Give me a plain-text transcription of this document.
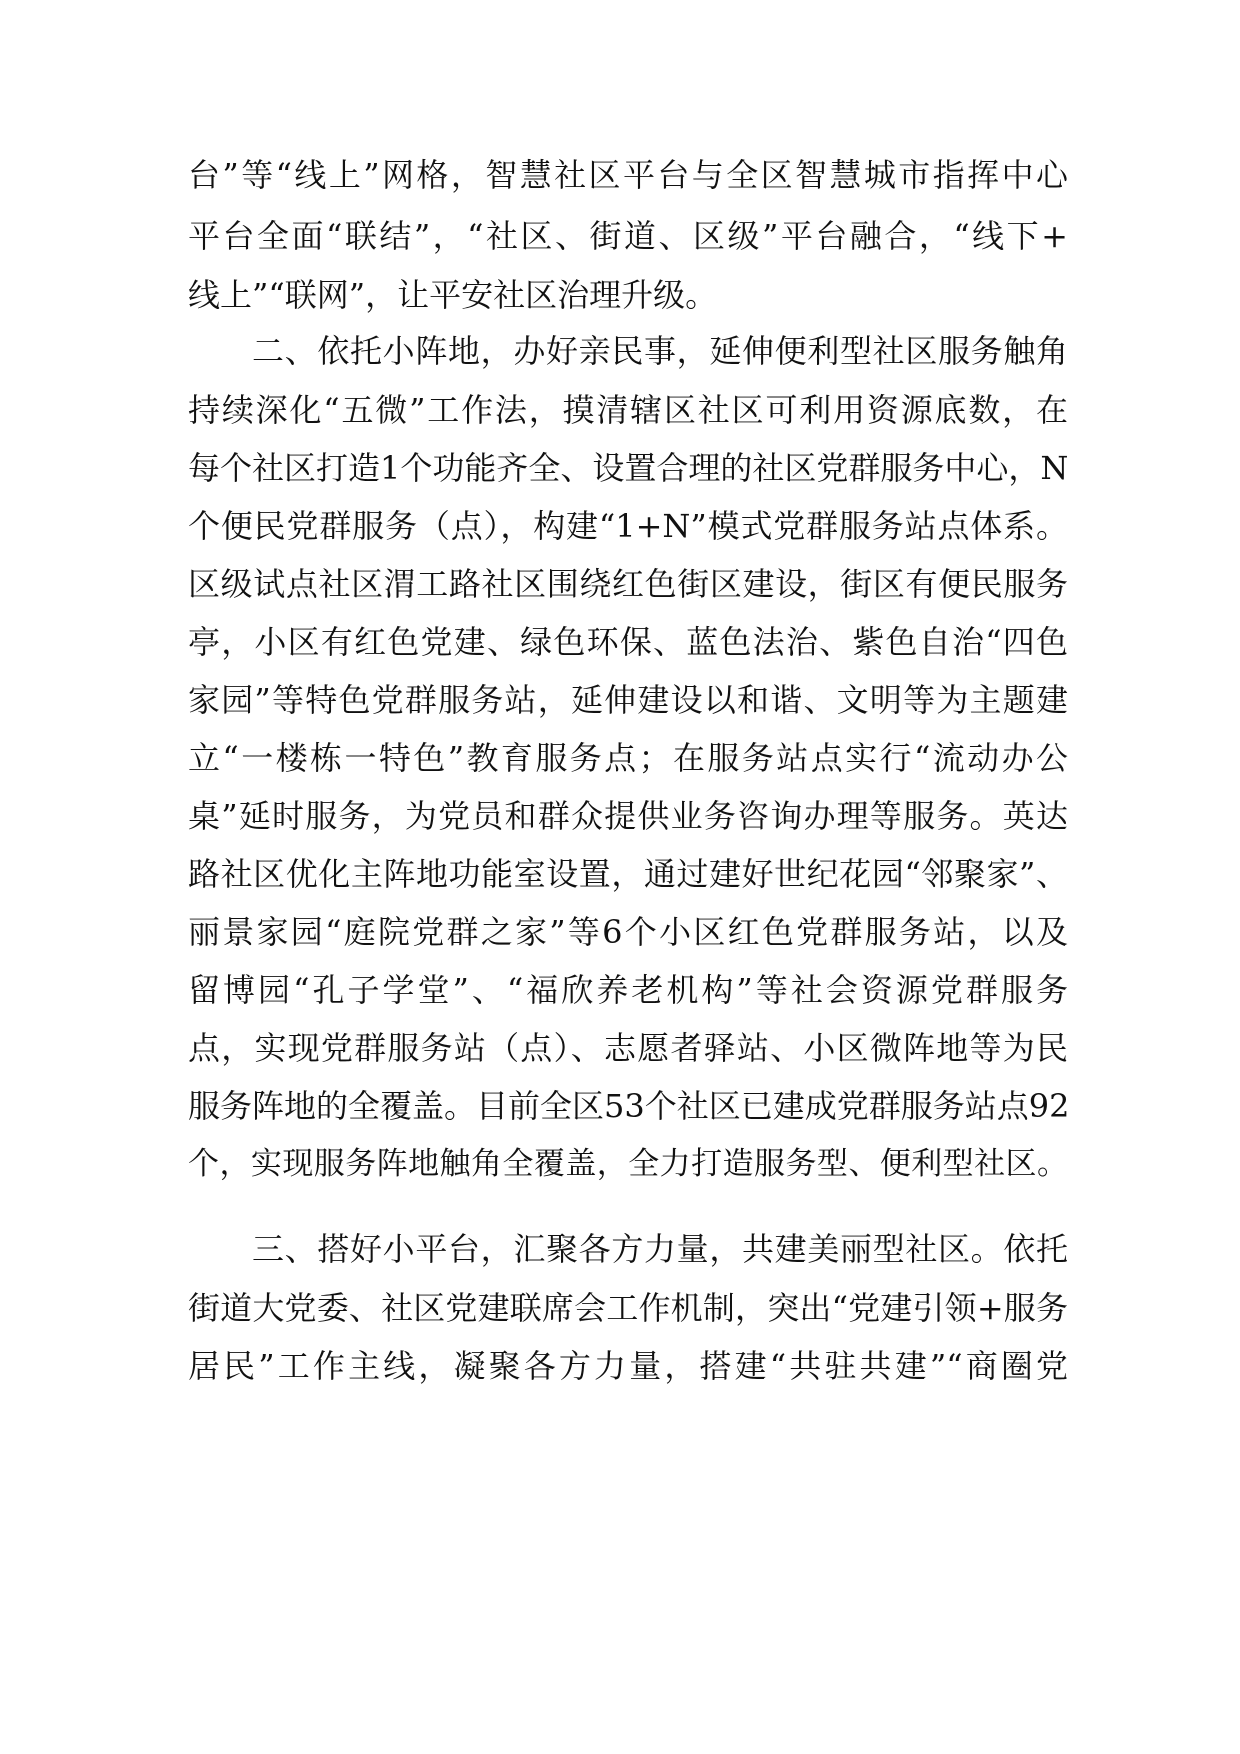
台”等“线上”网格，智慧社区平台与全区智慧城市指挥中心
平台全面“联结”，“社区、街道、区级”平台融合，“线下+
线上”“联网”，让平安社区治理升级。
二、依托小阵地，办好亲民事，延伸便利型社区服务触角
持续深化“五微”工作法，摸清辖区社区可利用资源底数，在
每个社区打造1个功能齐全、设置合理的社区党群服务中心，N
个便民党群服务（点），构建“1+N”模式党群服务站点体系。
区级试点社区渭工路社区围绕红色街区建设，街区有便民服务
亭，小区有红色党建、绿色环保、蓝色法治、紫色自治“四色
家园”等特色党群服务站，延伸建设以和谐、文明等为主题建
立“一楼栋一特色”教育服务点；在服务站点实行“流动办公
桌”延时服务，为党员和群众提供业务咨询办理等服务。英达
路社区优化主阵地功能室设置，通过建好世纪花园“邻聚家”、
丽景家园“庭院党群之家”等6个小区红色党群服务站，以及
留博园“孔子学堂”、“福欣养老机构”等社会资源党群服务
点，实现党群服务站（点）、志愿者驿站、小区微阵地等为民
服务阵地的全覆盖。目前全区53个社区已建成党群服务站点92
个，实现服务阵地触角全覆盖，全力打造服务型、便利型社区。
三、搭好小平台，汇聚各方力量，共建美丽型社区。依托
街道大党委、社区党建联席会工作机制，突出“党建引领+服务
居民”工作主线，凝聚各方力量，搭建“共驻共建”“商圈党
